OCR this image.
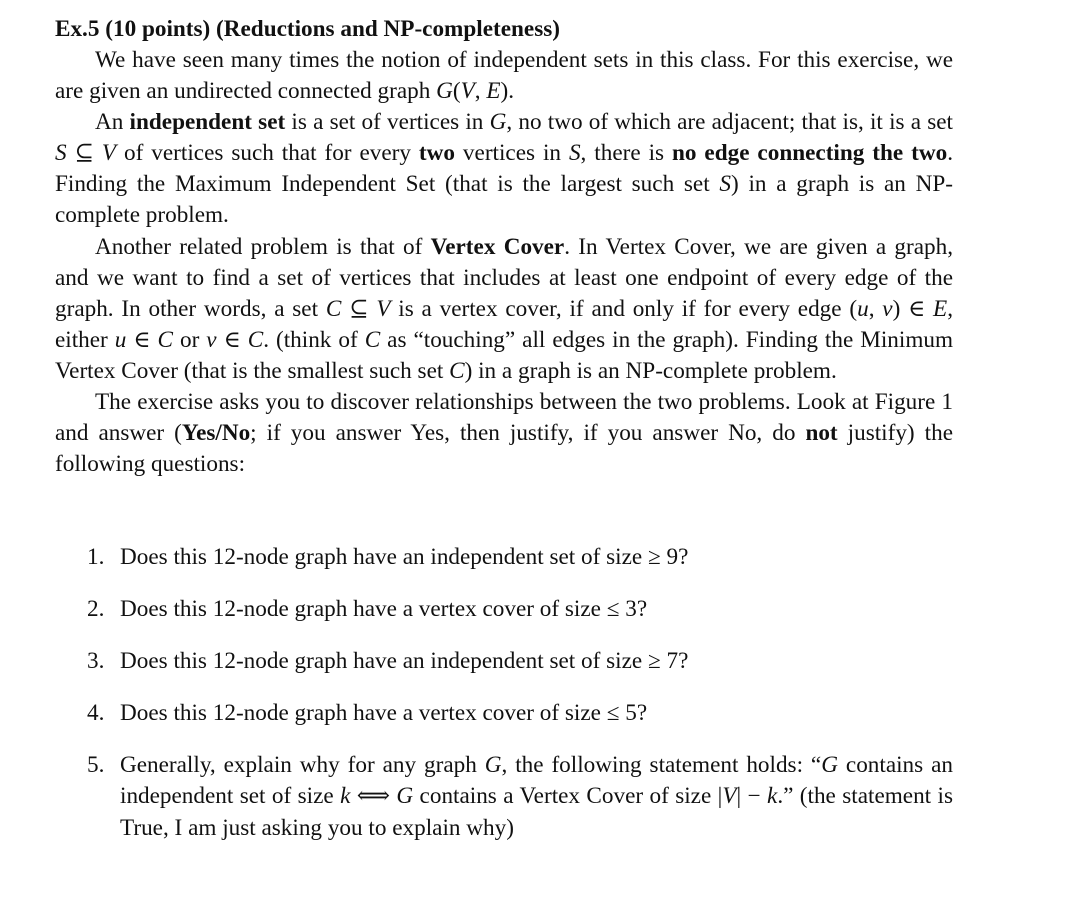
Ex.5 (10 points) (Reductions and NP-completeness)

We have seen many times the notion of independent sets in this class. For this exercise, we are given an undirected connected graph G(V, E).

An independent set is a set of vertices in G, no two of which are adjacent; that is, it is a set S ⊆ V of vertices such that for every two vertices in S, there is no edge connecting the two. Finding the Maximum Independent Set (that is the largest such set S) in a graph is an NP-complete problem.

Another related problem is that of Vertex Cover. In Vertex Cover, we are given a graph, and we want to find a set of vertices that includes at least one endpoint of every edge of the graph. In other words, a set C ⊆ V is a vertex cover, if and only if for every edge (u, v) ∈ E, either u ∈ C or v ∈ C. (think of C as “touching” all edges in the graph). Finding the Minimum Vertex Cover (that is the smallest such set C) in a graph is an NP-complete problem.

The exercise asks you to discover relationships between the two problems. Look at Figure 1 and answer (Yes/No; if you answer Yes, then justify, if you answer No, do not justify) the following questions:

1. Does this 12-node graph have an independent set of size ≥ 9?
2. Does this 12-node graph have a vertex cover of size ≤ 3?
3. Does this 12-node graph have an independent set of size ≥ 7?
4. Does this 12-node graph have a vertex cover of size ≤ 5?
5. Generally, explain why for any graph G, the following statement holds: “G contains an independent set of size k ⟺ G contains a Vertex Cover of size |V| − k.” (the statement is True, I am just asking you to explain why)
